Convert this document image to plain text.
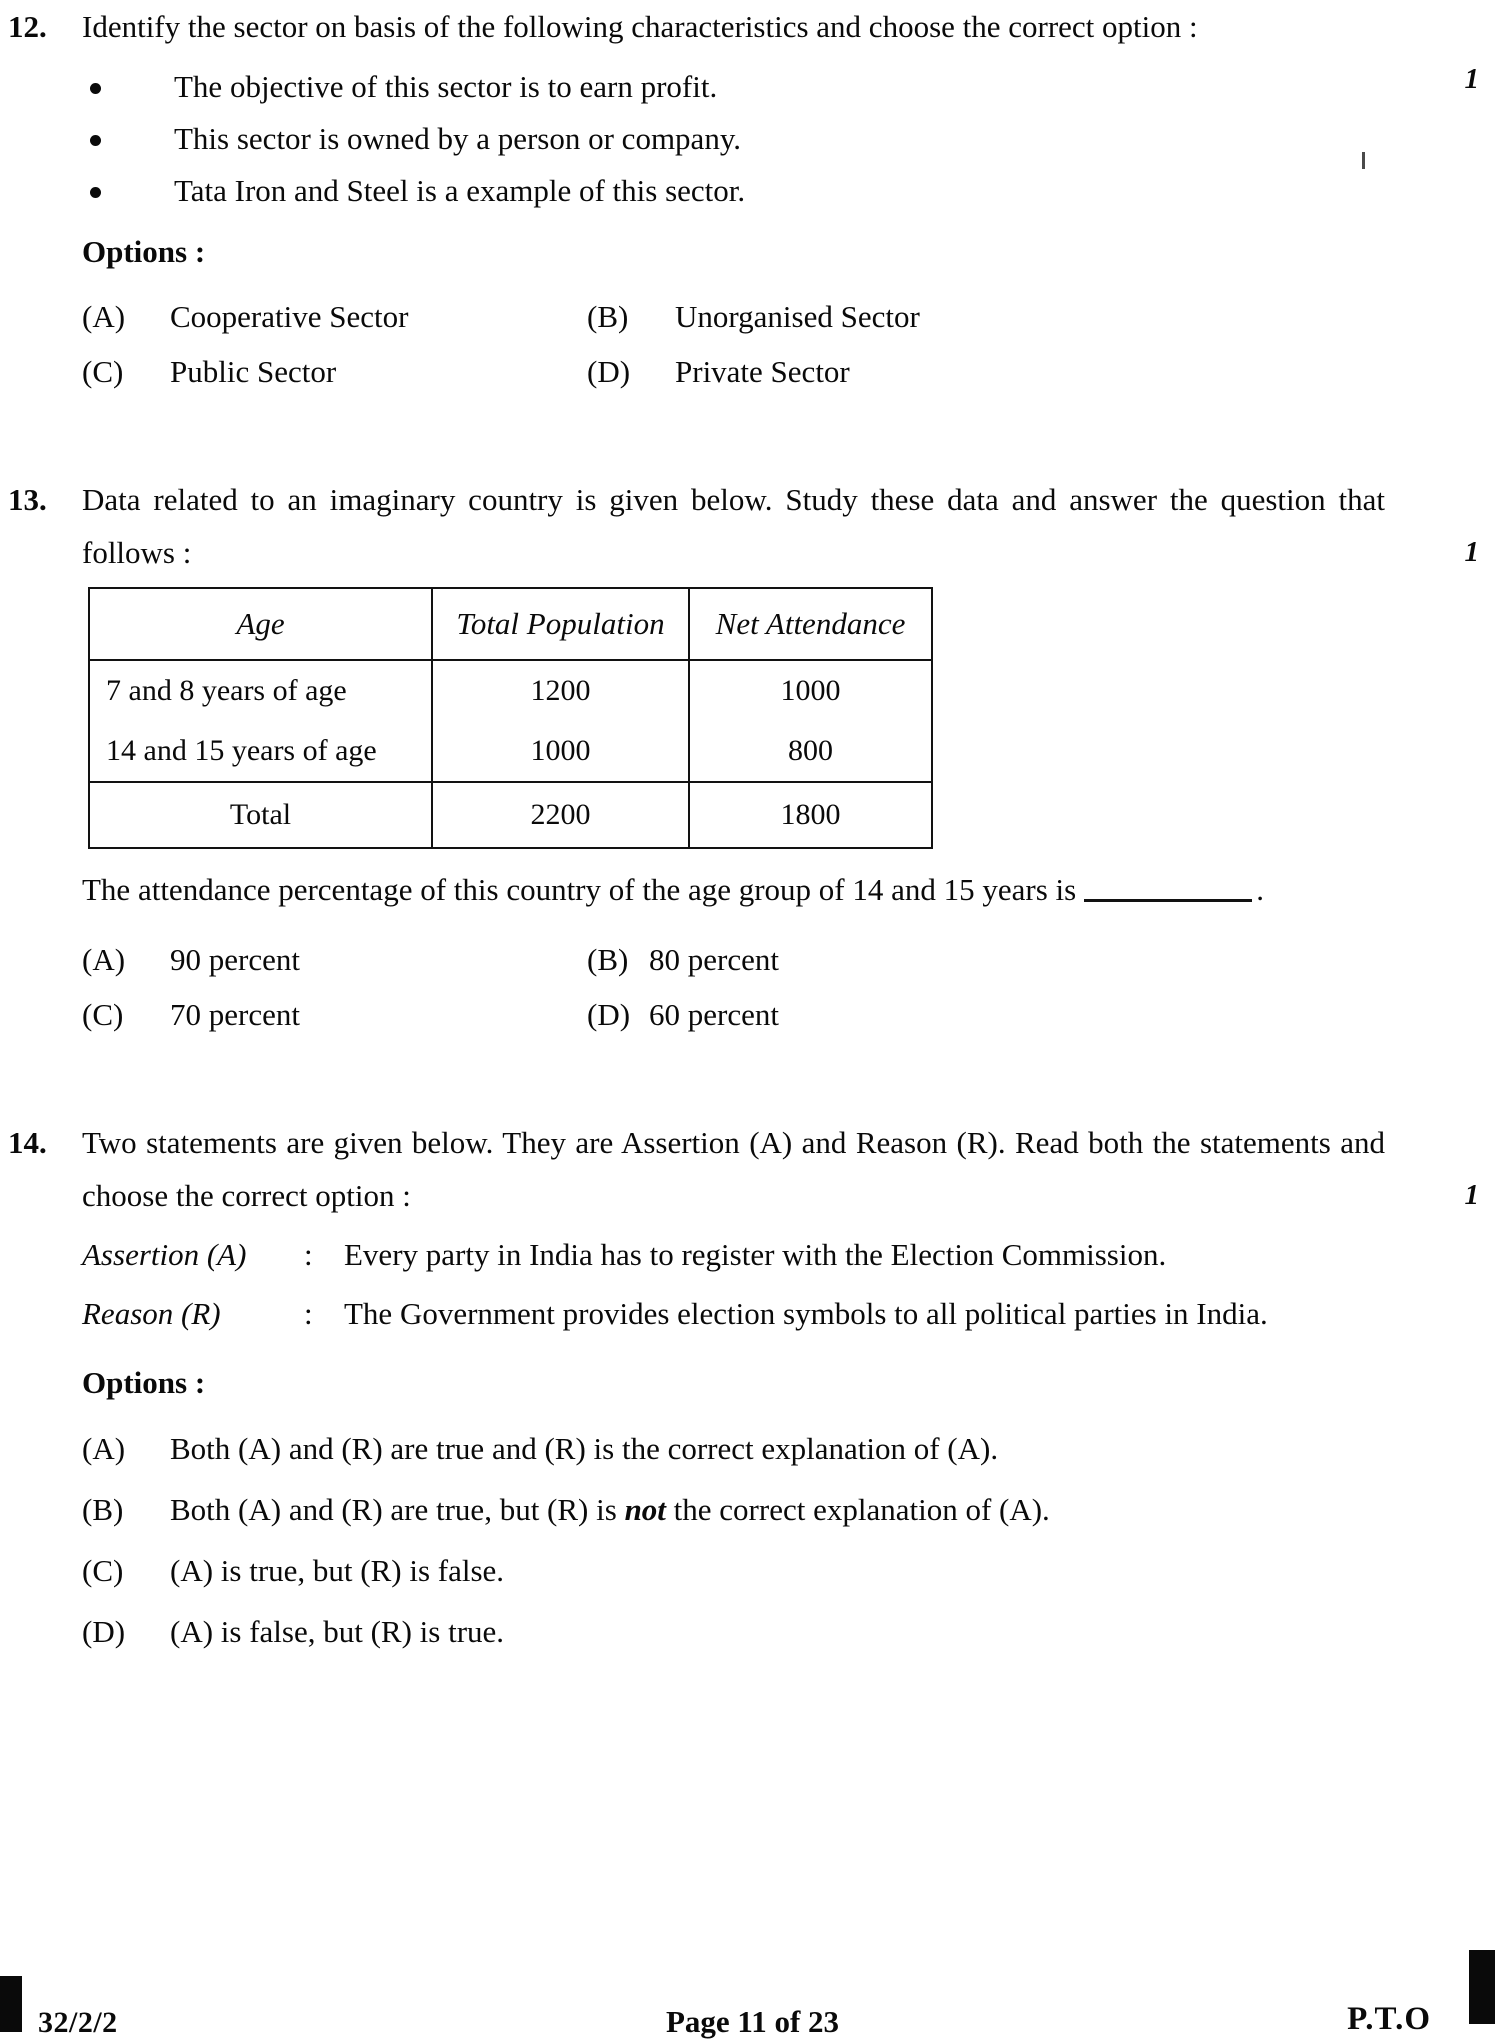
12.	Identify the sector on basis of the following characteristics and choose the correct option :
1
The objective of this sector is to earn profit.
This sector is owned by a person or company.
Tata Iron and Steel is a example of this sector.
Options :
(A)	Cooperative Sector	(B)	Unorganised Sector
(C)	Public Sector	(D)	Private Sector
13.	Data related to an imaginary country is given below. Study these data and answer the question that follows :	1
Age	Total Population	Net Attendance
7 and 8 years of age	1200	1000
14 and 15 years of age	1000	800
Total	2200	1800
The attendance percentage of this country of the age group of 14 and 15 years is	.
(A)	90 percent	(B) 80 percent
(C)	70 percent	(D) 60 percent
14.	Two statements are given below. They are Assertion (A) and Reason (R). Read both the statements and choose the correct option :	1
Assertion (A)	:	Every party in India has to register with the Election Commission.
Reason (R)	:	The Government provides election symbols to all political parties in India.
Options :
(A)	Both (A) and (R) are true and (R) is the correct explanation of (A).
(B)	Both (A) and (R) are true, but (R) is not the correct explanation of (A).
(C)	(A) is true, but (R) is false.
(D)	(A) is false, but (R) is true.
32/2/2	Page 11 of 23	P.T.O
